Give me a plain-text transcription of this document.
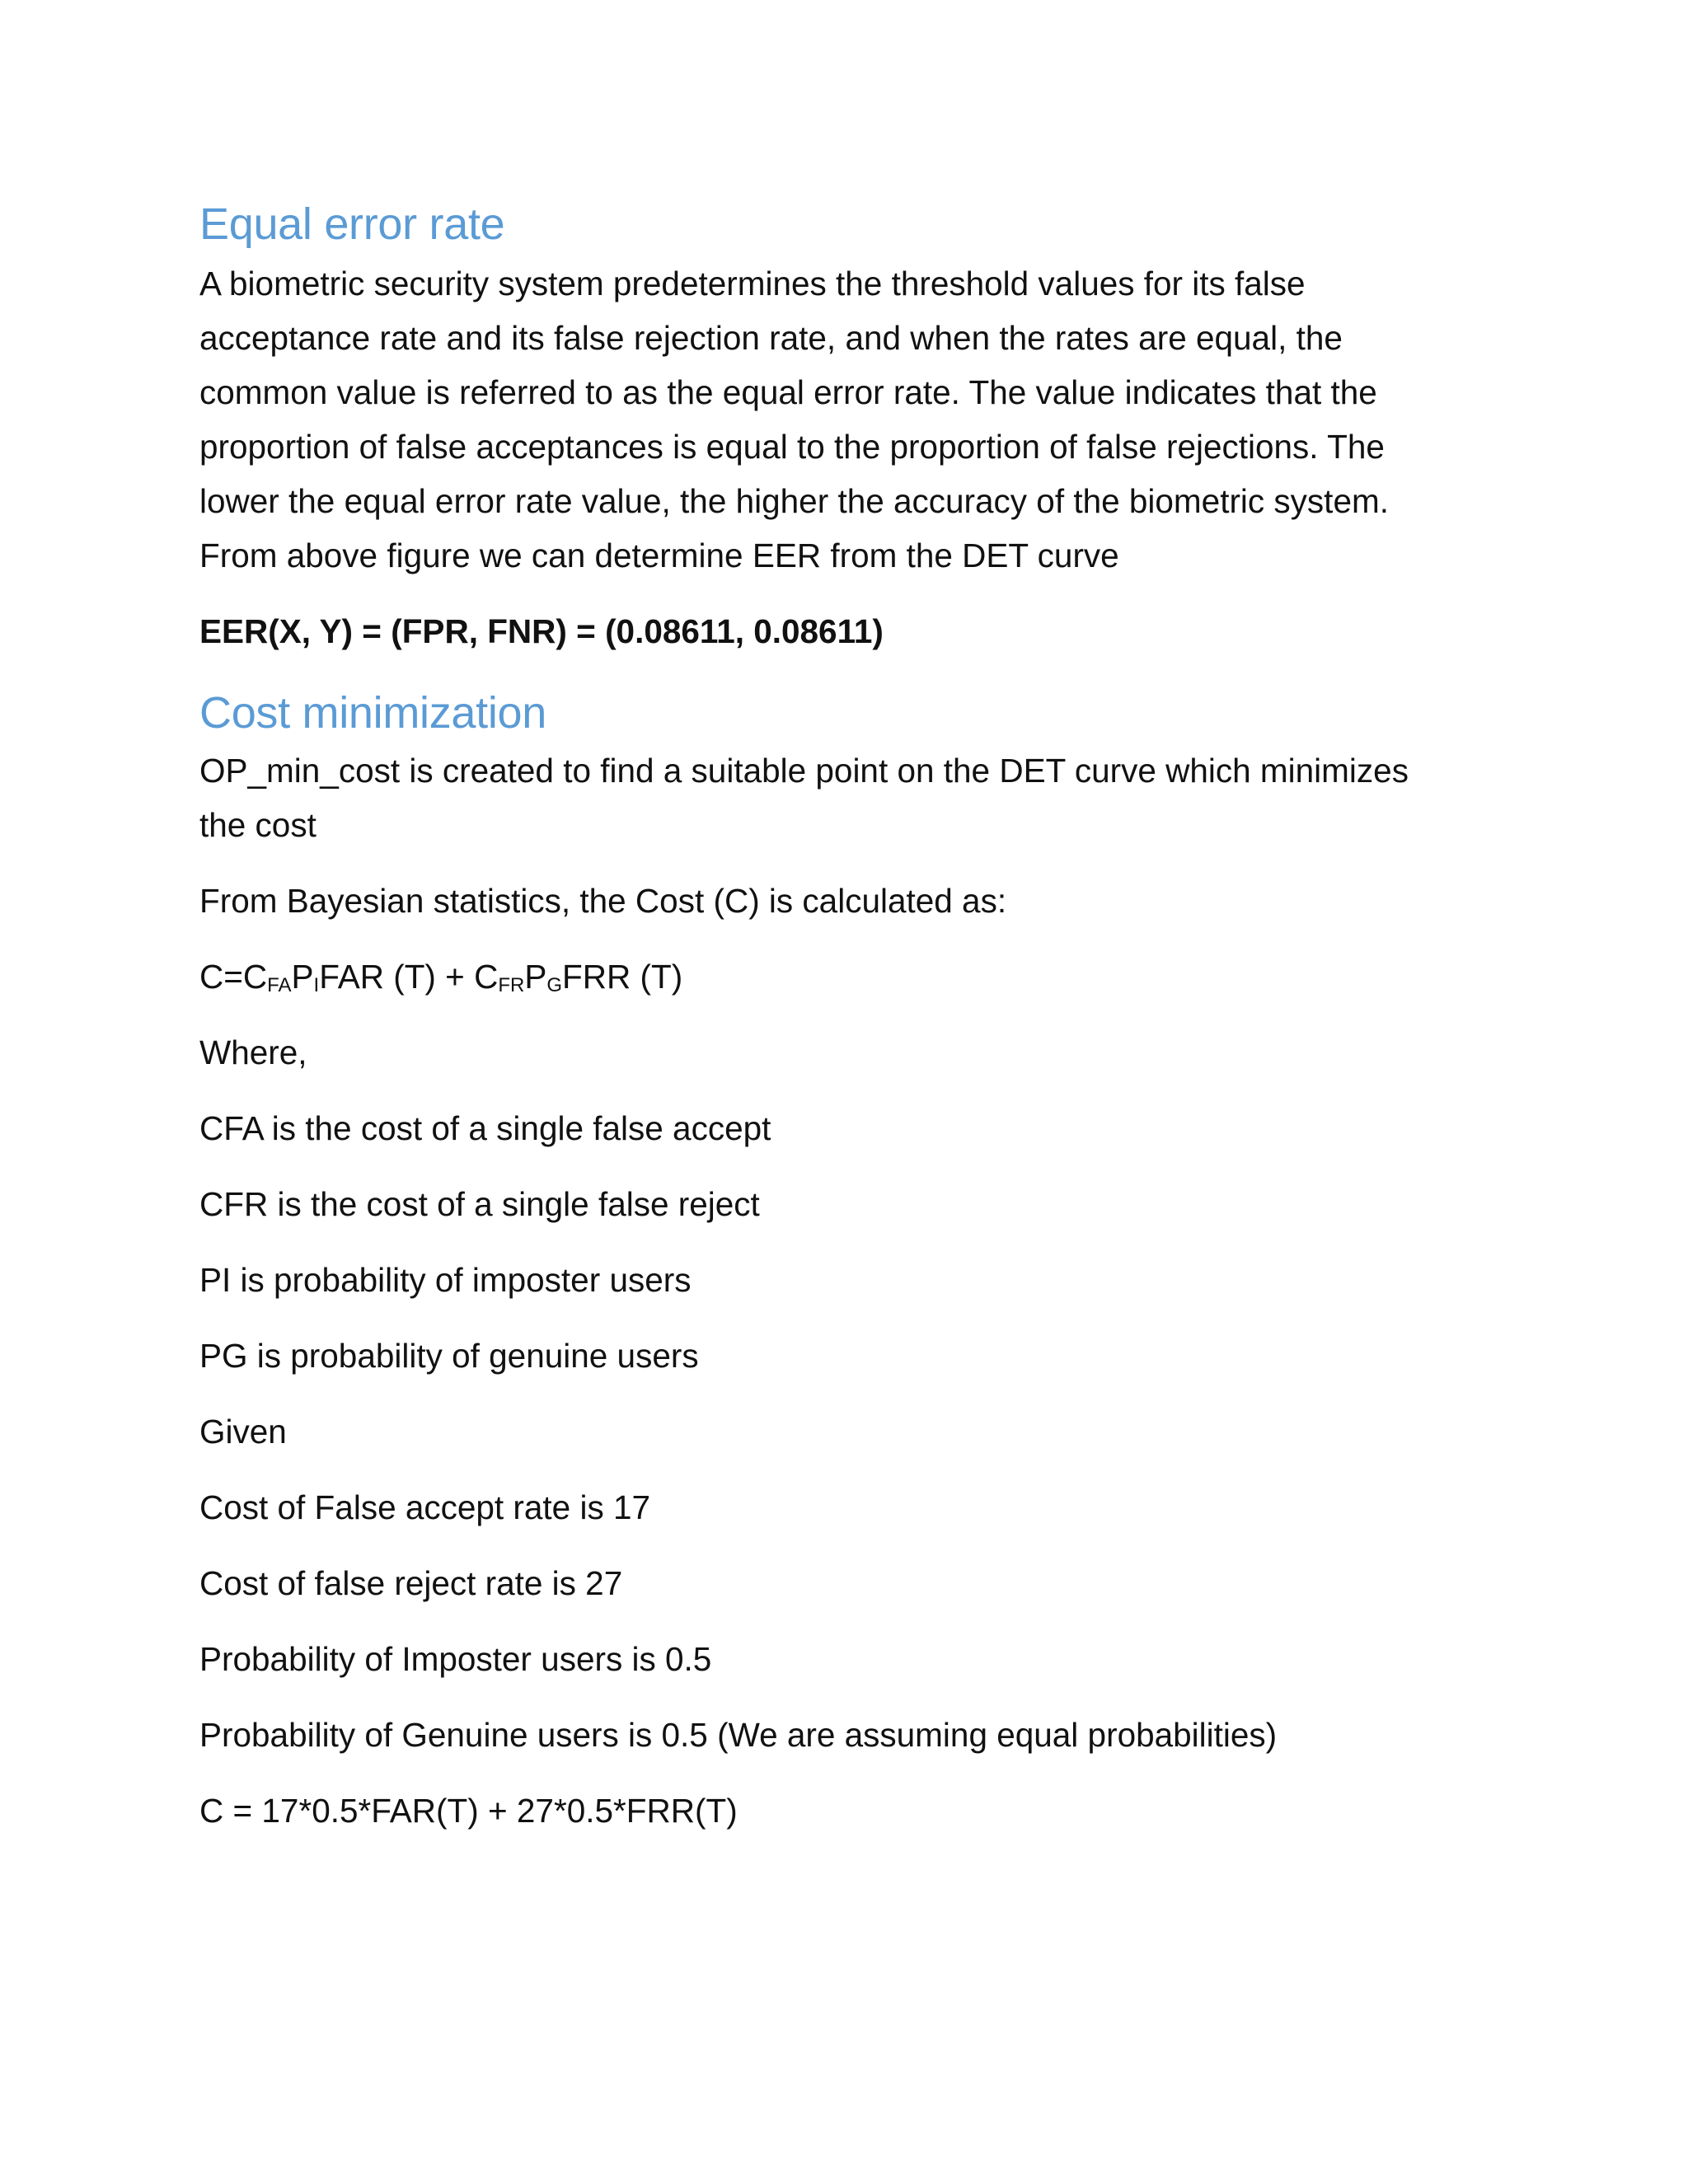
Equal error rate

A biometric security system predetermines the threshold values for its false

acceptance rate and its false rejection rate, and when the rates are equal, the

common value is referred to as the equal error rate. The value indicates that the

proportion of false acceptances is equal to the proportion of false rejections. The

lower the equal error rate value, the higher the accuracy of the biometric system.

From above figure we can determine EER from the DET curve

EER(X, Y) = (FPR, FNR) = (0.08611, 0.08611)

Cost minimization

OP_min_cost is created to find a suitable point on the DET curve which minimizes

the cost

From Bayesian statistics, the Cost (C) is calculated as:

$C=C_{FA}P_IFAR$ $(T) + C_{FR}P_GFRR$ (T)

Where,

CFA is the cost of a single false accept

CFR is the cost of a single false reject

PI is probability of imposter users

PG is probability of genuine users

Given

Cost of False accept rate is 17

Cost of false reject rate is 27

Probability of Imposter users is 0.5

Probability of Genuine users is 0.5 (We are assuming equal probabilities)

C = 17*0.5*FAR(T) + 27*0.5*FRR(T)
